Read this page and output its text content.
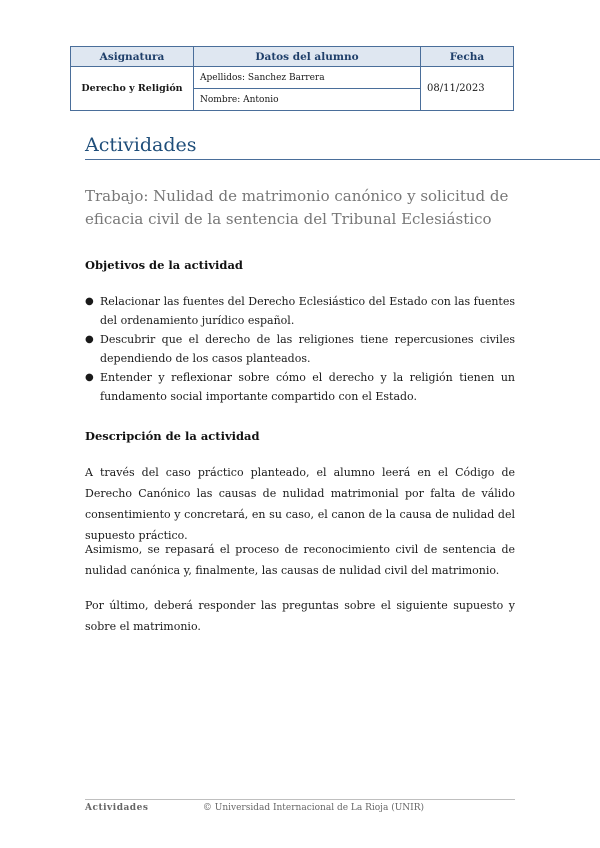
Asignatura	Datos del alumno	Fecha
Derecho y Religión	Apellidos: Sanchez Barrera	08/11/2023
	Nombre: Antonio	
Actividades
Trabajo: Nulidad de matrimonio canónico y solicitud de eficacia civil de la sentencia del Tribunal Eclesiástico
Objetivos de la actividad
● Relacionar las fuentes del Derecho Eclesiástico del Estado con las fuentes del ordenamiento jurídico español.
● Descubrir que el derecho de las religiones tiene repercusiones civiles dependiendo de los casos planteados.
● Entender y reflexionar sobre cómo el derecho y la religión tienen un fundamento social importante compartido con el Estado.
Descripción de la actividad

A través del caso práctico planteado, el alumno leerá en el Código de Derecho Canónico las causas de nulidad matrimonial por falta de válido consentimiento y concretará, en su caso, el canon de la causa de nulidad del supuesto práctico.

Asimismo, se repasará el proceso de reconocimiento civil de sentencia de nulidad canónica y, finalmente, las causas de nulidad civil del matrimonio.

Por último, deberá responder las preguntas sobre el siguiente supuesto y sobre el matrimonio.

Actividades	© Universidad Internacional de La Rioja (UNIR)
